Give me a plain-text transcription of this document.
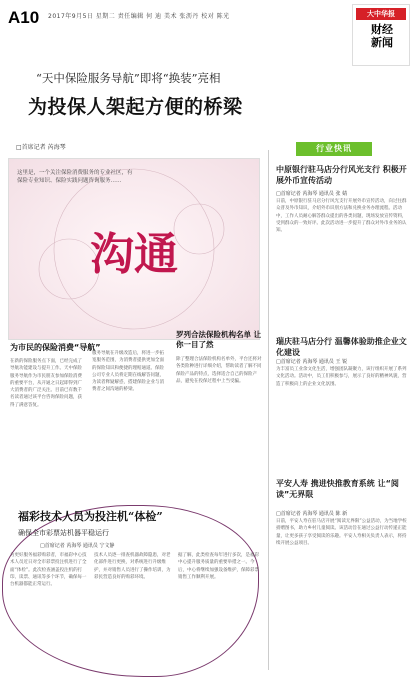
A10 2017年9月5日 星期二 责任编辑 何 迪 美术 张沥丹 校对 陈光	大中华报
财经
新闻
“天中保险服务导航”即将“换装”亮相
为投保人架起方便的桥梁
□首席记者 芮海琴
沟通
这里是，一个关注保险消费服务的专业社区，有保险专业知识、保险实践问题咨询服务……
为市民的保险消费“导航”
在新的保险服务点下面，已经完成了导航功能建设与提升工作。天中保险服务导航作为市民朋友参加保险消费的重要平台，从开通之日起即得到广大消费者的广泛关注。目前已有数千名读者通过该平台咨询保险问题，获得了满意答复。
服务导航在升级改造后，将进一步拓宽服务范围，为消费者提供更加全面的保险知识和便捷的理赔通道。保险公司专业人员将定期在线解答问题，为读者释疑解惑，搭建保险企业与消费者之间沟通的桥梁。
罗列合法保险机构名单 让你一目了然
除了整理合法保险机构名单外，平台还将对各类险种进行详细介绍，帮助读者了解不同保险产品的特点，选择适合自己的保险产品，避免在投保过程中上当受骗。
福彩技术人员为投注机“体检”
确保全市彩票站机器平稳运行
□首席记者 芮海琴 通讯员 宁文静
为更好服务福彩购彩者，市福彩中心技术人员近日对全市彩票投注机进行了全面“体检”。此次检查涵盖投注机的打印、读票、通讯等多个环节，确保每一台机器都能正常运行。
技术人员逐一排查机器故障隐患，对老化部件进行更换，对系统进行升级维护，并对销售人员进行了操作培训，为彩民营造良好的购彩环境。
据了解，此类检查每年进行多次，是福彩中心提升服务质量的重要举措之一。今后，中心将继续加强设备维护，保障彩票销售工作顺利开展。
行业快讯
中原银行驻马店分行风光支行 积极开展外币宣传活动
□首席记者 芮海琴 通讯员 张 婧
日前，中原银行驻马店分行风光支行开展外币宣传活动，向过往群众普及外币知识，介绍外币识别方法和兑换业务办理流程。活动中，工作人员耐心解答群众提出的各类问题，现场发放宣传资料，受到群众的一致好评。此次活动进一步提升了群众对外币业务的认知。
瑞庆驻马店分行 温馨体验助推企业文化建设
□首席记者 芮海琴 通讯员 王 锐
为丰富员工业余文化生活，增强团队凝聚力，该行组织开展了系列文化活动。活动中，员工们积极参与，展示了良好的精神风貌，营造了积极向上的企业文化氛围。
平安人寿 携进快推教育系统 让“阅读”无界限
□首席记者 芮海琴 通讯员 陈 新
日前，平安人寿在驻马店开展“阅读无界限”公益活动，为当地学校捐赠图书，助力乡村儿童阅读。该活动旨在通过公益行动传递正能量，让更多孩子享受阅读的乐趣。平安人寿相关负责人表示，将持续开展公益项目。
